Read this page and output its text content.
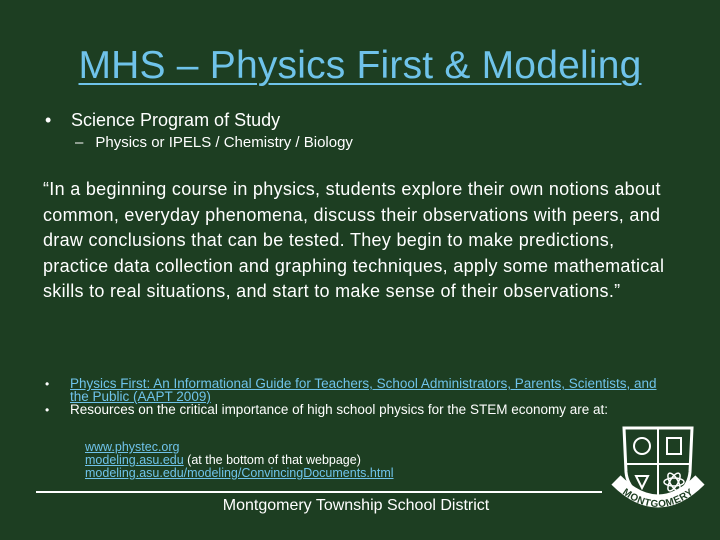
MHS – Physics First & Modeling
• Science Program of Study
– Physics or IPELS / Chemistry / Biology
“In a beginning course in physics, students explore their own notions about common, everyday phenomena, discuss their observations with peers, and draw conclusions that can be tested. They begin to make predictions, practice data collection and graphing techniques, apply some mathematical skills to real situations, and start to make sense of their observations.”
• Physics First: An Informational Guide for Teachers, School Administrators, Parents, Scientists, and the Public (AAPT 2009)
• Resources on the critical importance of high school physics for the STEM economy are at:
www.phystec.org
modeling.asu.edu (at the bottom of that webpage)
modeling.asu.edu/modeling/ConvincingDocuments.html
Montgomery Township School District
MONTGOMERY
